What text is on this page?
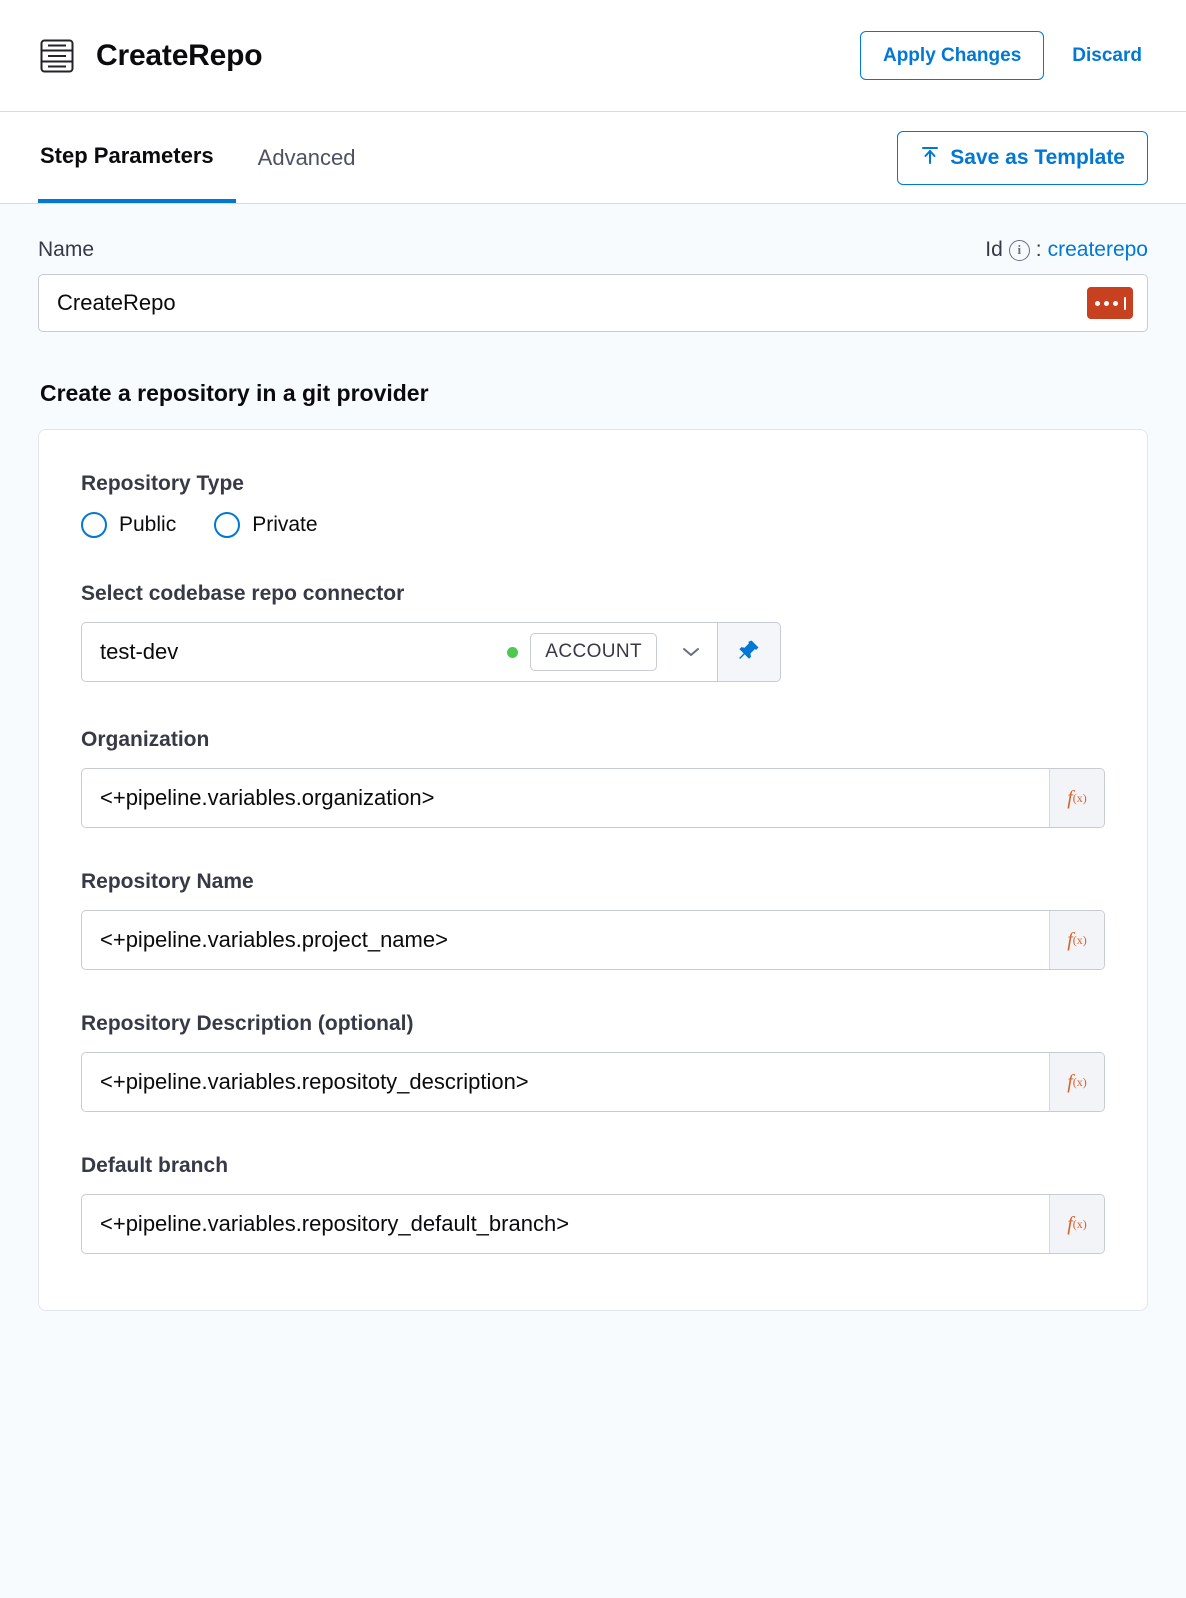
CreateRepo	Apply Changes	Discard
Step Parameters	Advanced	Save as Template
Name	Id	i : createrepo
CreateRepo
Create a repository in a git provider
Repository Type
Public	Private
Select codebase repo connector
test-dev	ACCOUNT
Organization
<+pipeline.variables.organization>	f (x)
Repository Name
<+pipeline.variables.project_name>	f (x)
Repository Description (optional)
<+pipeline.variables.repositoty_description>	f (x)
Default branch
<+pipeline.variables.repository_default_branch>	f (x)
